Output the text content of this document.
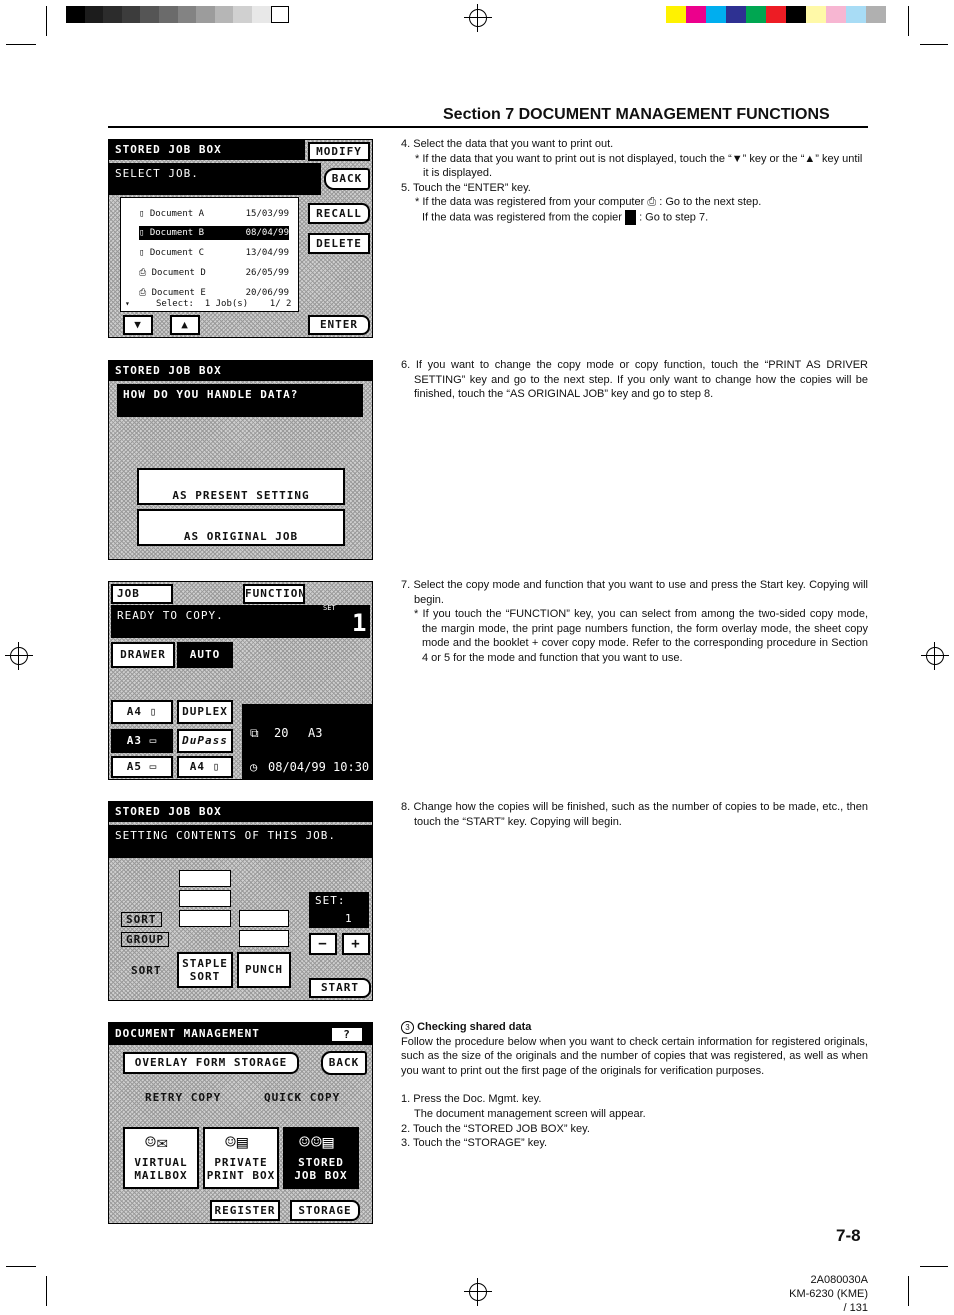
Section 7 DOCUMENT MANAGEMENT FUNCTIONS
STORED JOB BOX	MODIFY
SELECT JOB.	BACK
▯ Document A	15/03/99
▯ Document B	08/04/99
▯ Document C	13/04/99
⎙ Document D	26/05/99
⎙ Document E	20/06/99
▾	Select:  1 Job(s)    1/ 2
RECALL
DELETE
▼	▲	ENTER
STORED JOB BOX
HOW DO YOU HANDLE DATA?
AS PRESENT SETTING
AS ORIGINAL JOB
JOB	FUNCTION
READY TO COPY.
SET
1
DRAWER	AUTO
A4 ▯
A3 ▭
A5 ▭
DUPLEX
DuPass
A4 ▯
⧉ 20 A3
◷ 08/04/99 10:30
STORED JOB BOX
SETTING CONTENTS OF THIS JOB.
SORT
GROUP
SORT
STAPLE SORT
PUNCH
SET:
1
−	+
START
DOCUMENT MANAGEMENT	?
OVERLAY FORM STORAGE	BACK
RETRY COPY	QUICK COPY
☺✉
VIRTUAL MAILBOX
☺▤
PRIVATE PRINT BOX
☺☺▤
STORED JOB BOX
REGISTER	STORAGE

4. Select the data that you want to print out.

* If the data that you want to print out is not displayed, touch the “▼” key or the “▲” key until it is displayed.

5. Touch the “ENTER” key.

* If the data was registered from your computer ⎙ : Go to the next step.

If the data was registered from the copier : Go to step 7.

6. If you want to change the copy mode or copy function, touch the “PRINT AS DRIVER SETTING” key and go to the next step. If you only want to change how the copies will be finished, touch the “AS ORIGINAL JOB” key and go to step 8.

7. Select the copy mode and function that you want to use and press the Start key. Copying will begin.

* If you touch the “FUNCTION” key, you can select from among the two-sided copy mode, the margin mode, the print page numbers function, the form overlay mode, the sheet copy mode and the booklet + cover copy mode. Refer to the corresponding procedure in Section 4 or 5 for the mode and function that you want to use.

8. Change how the copies will be finished, such as the number of copies to be made, etc., then touch the “START” key. Copying will begin.

3 Checking shared data

Follow the procedure below when you want to check certain information for registered originals, such as the size of the originals and the number of copies that was registered, as well as when you want to print out the first page of the originals for verification purposes.

1. Press the Doc. Mgmt. key.

The document management screen will appear.

2. Touch the “STORED JOB BOX” key.

3. Touch the “STORAGE” key.

7-8
2A080030A
KM-6230 (KME)
/ 131
